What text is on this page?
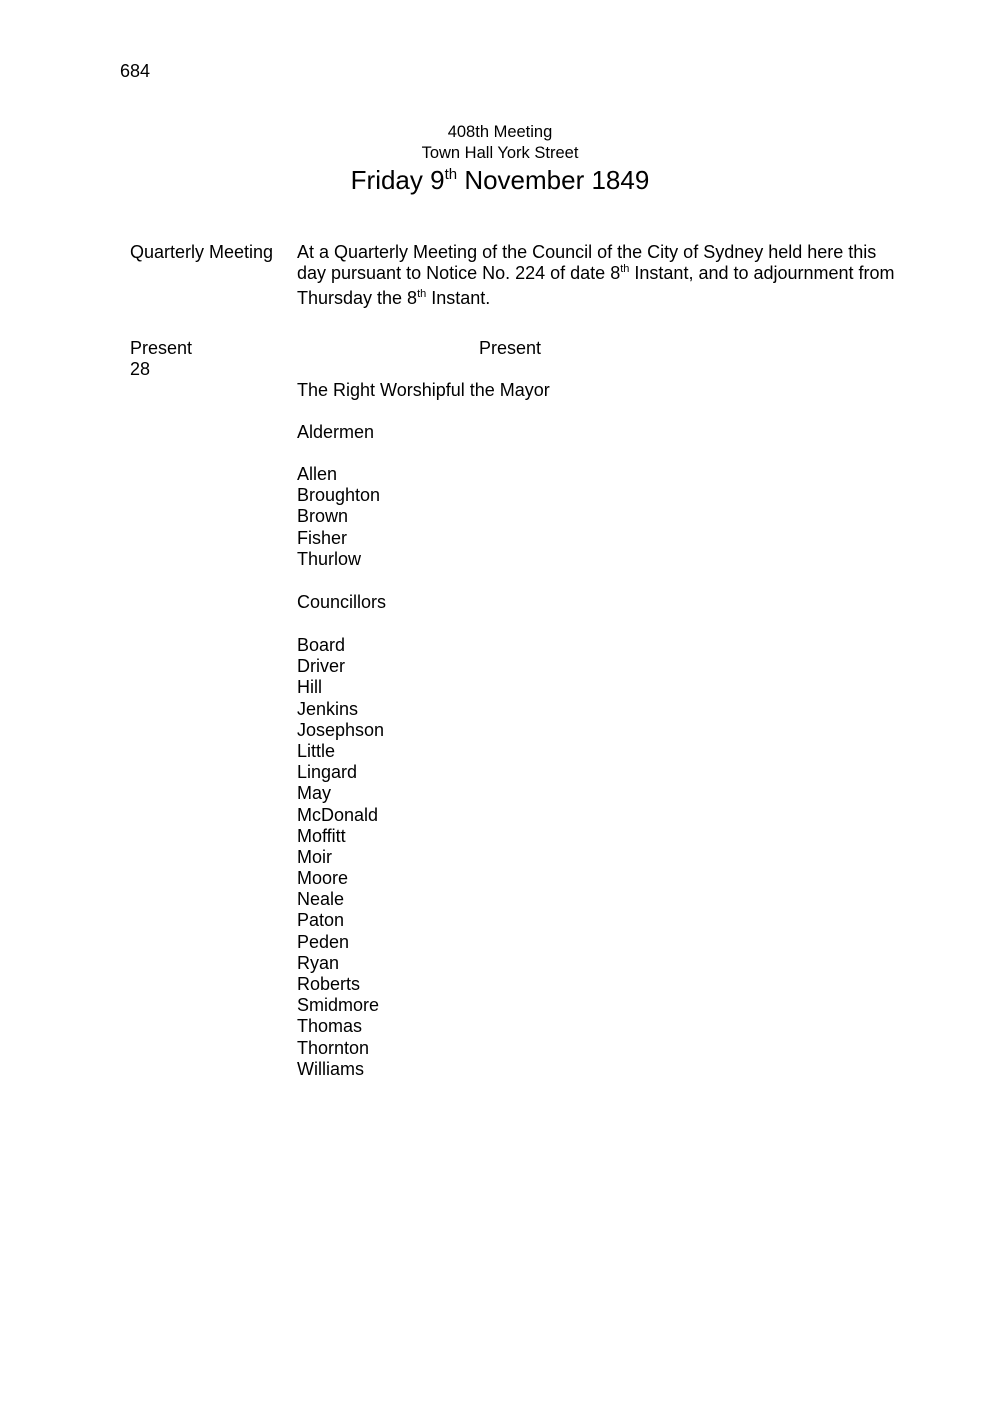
684
408th Meeting
Town Hall York Street
Friday 9th November 1849
Quarterly Meeting At a Quarterly Meeting of the Council of the City of Sydney held here this day pursuant to Notice No. 224 of date 8th Instant, and to adjournment from Thursday the 8th Instant.
Present
28
Present
The Right Worshipful the Mayor
Aldermen
Allen
Broughton
Brown
Fisher
Thurlow
Councillors
Board
Driver
Hill
Jenkins
Josephson
Little
Lingard
May
McDonald
Moffitt
Moir
Moore
Neale
Paton
Peden
Ryan
Roberts
Smidmore
Thomas
Thornton
Williams
